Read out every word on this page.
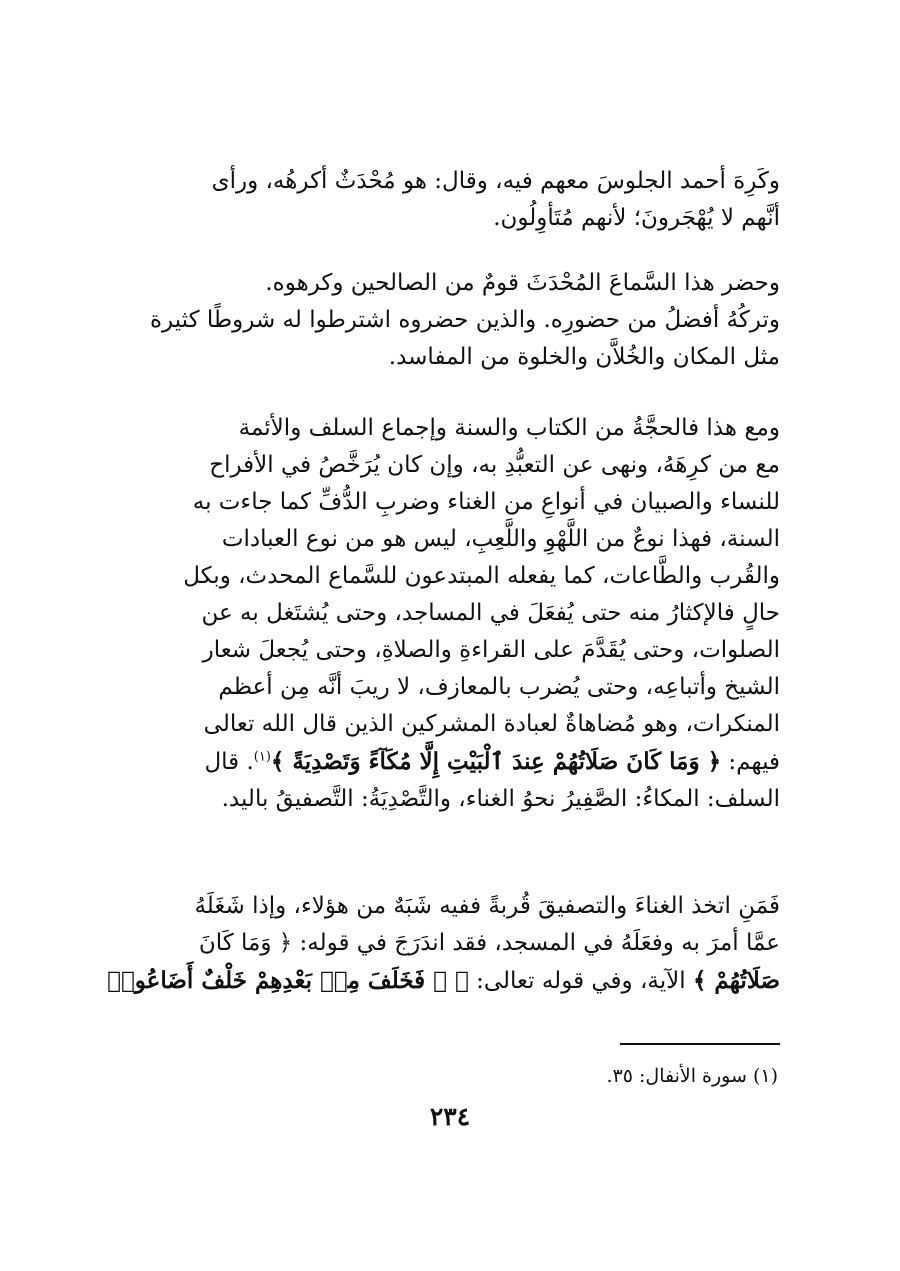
وكَرِهَ أحمد الجلوسَ معهم فيه، وقال: هو مُحْدَثٌ أكرهُه، ورأى
أنَّهم لا يُهْجَرونَ؛ لأنهم مُتَأوِلُون.
وحضر هذا السَّماعَ المُحْدَثَ قومٌ من الصالحين وكرهوه.
وتركُهُ أفضلُ من حضورِه. والذين حضروه اشترطوا له شروطًا كثيرة
مثل المكان والخُلاَّن والخلوة من المفاسد.
ومع هذا فالحجَّةُ من الكتاب والسنة وإجماع السلف والأئمة
مع من كرِهَهُ، ونهى عن التعبُّدِ به، وإن كان يُرَخَّصُ في الأفراح
للنساء والصبيان في أنواعِ من الغناء وضربِ الدُّفِّ كما جاءت به
السنة، فهذا نوعٌ من اللَّهْوِ واللَّعِبِ، ليس هو من نوع العبادات
والقُرب والطَّاعات، كما يفعله المبتدعون للسَّماع المحدث، وبكل
حالٍ فالإكثارُ منه حتى يُفعَلَ في المساجد، وحتى يُشتَغل به عن
الصلوات، وحتى يُقَدَّمَ على القراءةِ والصلاةِ، وحتى يُجعلَ شعار
الشيخ وأتباعِه، وحتى يُضرب بالمعازف، لا ريبَ أنَّه مِن أعظم
المنكرات، وهو مُضاهاةٌ لعبادة المشركين الذين قال الله تعالى
فيهم: ﴿ وَمَا كَانَ صَلَاتُهُمْ عِندَ ٱلْبَيْتِ إِلَّا مُكَآءً وَتَصْدِيَةً ﴾$^{(١)}$. قال
السلف: المكاءُ: الصَّفِيرُ نحوُ الغناء، والتَّصْدِيَةُ: التَّصفيقُ باليد.
فَمَنِ اتخذ الغناءَ والتصفيقَ قُربةً ففيه شَبَهٌ من هؤلاء، وإذا شَغَلَهُ
عمَّا أمرَ به وفعَلَهُ في المسجد، فقد اندَرَجَ في قوله: ﴿ وَمَا كَانَ
صَلَاتُهُمْ ﴾ الآية، وفي قوله تعالى: ﴿ ۞ فَخَلَفَ مِنۢ بَعْدِهِمْ خَلْفٌ أَضَاعُوا۟
(١) سورة الأنفال: ٣٥.
٢٣٤
